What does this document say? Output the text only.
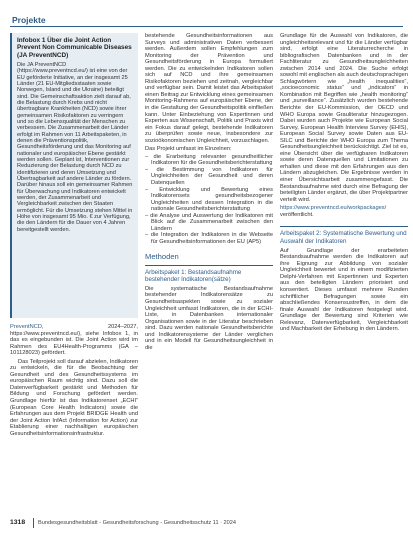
Projekte
Infobox 1 Über die Joint Action Prevent Non Communicable Diseases (JA PreventNCD)
Die JA PreventNCD (https://www.preventncd.eu/) ist eine von der EU geförderte Initiative, an der insgesamt 25 Länder (21 EU-Mitgliedsstaaten sowie Norwegen, Island und die Ukraine) beteiligt sind. Die Gemeinschaftsaktion zielt darauf ab, die Belastung durch Krebs und nicht übertragbare Krankheiten (NCD) sowie ihrer gemeinsamen Risikofaktoren zu verringern und so die Lebensqualität der Menschen zu verbessern. Die Zusammenarbeit der Länder erfolgt im Rahmen von 11 Arbeitspaketen, in denen die Präventionspolitik, Gesundheitsförderung und das Monitoring auf nationaler und europäischer Ebene gestärkt werden sollen. Geplant ist, Interventionen zur Reduzierung der Belastung durch NCD zu identifizieren und deren Umsetzung und Übertragbarkeit auf andere Länder zu fördern. Darüber hinaus soll ein gemeinsamer Rahmen für Überwachung und Indikatoren entwickelt werden, der Zusammenarbeit und Vergleichbarkeit zwischen den Staaten ermöglicht. Für die Umsetzung stehen Mittel in Höhe von insgesamt 95 Mio. € zur Verfügung, die den Ländern für die Dauer von 4 Jahren bereitgestellt werden.
PreventNCD, 2024–2027, https://www.preventncd.eu/), siehe Infobox 1, in das es eingebunden ist. Die Joint Action wird im Rahmen des EU4Health-Programms (GA – 101128023) gefördert.
Das Teilprojekt soll darauf abzielen, Indikatoren zu entwickeln, die für die Beobachtung der Gesundheit und des Gesundheitssystems im europäischen Raum wichtig sind. Dazu soll die Datenverfügbarkeit gestärkt und Methoden für Bildung und Forschung gefördert werden. Grundlage hierfür ist das Indikatorenset „ECHI“ (European Core Health Indicators) sowie die Erfahrungen aus dem Projekt BRIDGE Health und der Joint Action InfAct (Information for Action) zur Etablierung einer nachhaltigen europäischen Gesundheitsinformationsinfrastruktur.
bestehende Gesundheitsinformationen aus Surveys und administrativen Daten verbessert werden. Außerdem sollen Empfehlungen zum Monitoring der Prävention und Gesundheitsförderung in Europa formuliert werden. Die zu entwickelnden Indikatoren sollen sich auf NCD und ihre gemeinsamen Risikofaktoren beziehen und zeitnah, vergleichbar und verfügbar sein. Damit leistet das Arbeitspaket einen Beitrag zur Entwicklung eines gemeinsamen Monitoring-Rahmens auf europäischer Ebene, der in die Gestaltung der Gesundheitspolitik einfließen kann. Unter Einbeziehung von Expertinnen und Experten aus Wissenschaft, Politik und Praxis wird ein Fokus darauf gelegt, bestehende Indikatoren zu überprüfen sowie neue, insbesondere zur sozioökonomischen Ungleichheit, vorzuschlagen.
Das Projekt umfasst im Einzelnen:
– die Erarbeitung relevanter gesundheitlicher Indikatoren für die Gesundheitsberichterstattung
– die Bestimmung von Indikatoren für Ungleichheiten der Gesundheit und deren Datenquellen
– Entwicklung und Bewertung eines Indikatorensets gesundheitsbezogener Ungleichheiten und dessen Integration in die nationale Gesundheitsberichterstattung
– die Analyse und Auswertung der Indikatoren mit Blick auf die Zusammenarbeit zwischen den Ländern
– die Integration der Indikatoren in die Webseite für Gesundheitsinformationen der EU (AP5)
Methoden
Arbeitspaket 1: Bestandsaufnahme bestehender Indikatoren(sätze)
Die systematische Bestandsaufnahme bestehender Indikatorensätze zu Gesundheitsaspekten sowie zu sozialer Ungleichheit umfasst Indikatoren, die in der ECHI-Liste, in Datenbanken internationaler Organisationen sowie in der Literatur beschrieben sind. Dazu werden nationale Gesundheitsberichte und Indikatorensysteme der Länder verglichen und in ein Modell für Gesundheitsungleichheit in die
Grundlage für die Auswahl von Indikatoren, die ungleichheitsrelevant und für die Länder verfügbar sind, erfolgt eine Literaturrecherche in bibliografischen Datenbanken und in der Fachliteratur zu Gesundheitsungleichheiten zwischen 2014 und 2024. Die Suche erfolgt sowohl mit englischen als auch deutschsprachigen Schlagwörtern wie „health inequalities“, „socioeconomic status“ und „indicators“ in Kombination mit Begriffen wie „health monitoring“ und „surveillance“. Zusätzlich wurden bestehende Berichte der EU-Kommission, der OECD und WHO Europa sowie Grauliteratur hinzugezogen. Dabei wurden auch Projekte wie European Social Survey, European Health Interview Survey (EHIS), European Social Survey sowie Daten aus EU-SILC und Berichte der WHO Europa zum Thema Gesundheitsungleichheit berücksichtigt. Ziel ist es, eine Übersicht über die verfügbaren Indikatoren sowie deren Datenquellen und Limitationen zu erhalten und diese mit den Erfahrungen aus den Ländern abzugleichen. Die Ergebnisse werden in einer Übersichtsarbeit zusammengefasst. Die Bestandsaufnahme wird durch eine Befragung der beteiligten Länder ergänzt, die über Projektpartner verteilt wird.
https://www.preventncd.eu/workpackages/ veröffentlicht.
Arbeitspaket 2: Systematische Bewertung und Auswahl der Indikatoren
Auf Grundlage der erarbeiteten Bestandsaufnahme werden die Indikatoren auf ihre Eignung zur Abbildung von sozialer Ungleichheit bewertet und in einem modifizierten Delphi-Verfahren mit Expertinnen und Experten aus den beteiligten Ländern priorisiert und konsentiert. Dieses umfasst mehrere Runden schriftlicher Befragungen sowie ein abschließendes Konsensustreffen, in dem die finale Auswahl der Indikatoren festgelegt wird. Grundlage der Bewertung sind Kriterien wie Relevanz, Datenverfügbarkeit, Vergleichbarkeit und Machbarkeit der Erhebung in den Ländern.
1318 Bundesgesundheitsblatt - Gesundheitsforschung - Gesundheitsschutz 11 · 2024
